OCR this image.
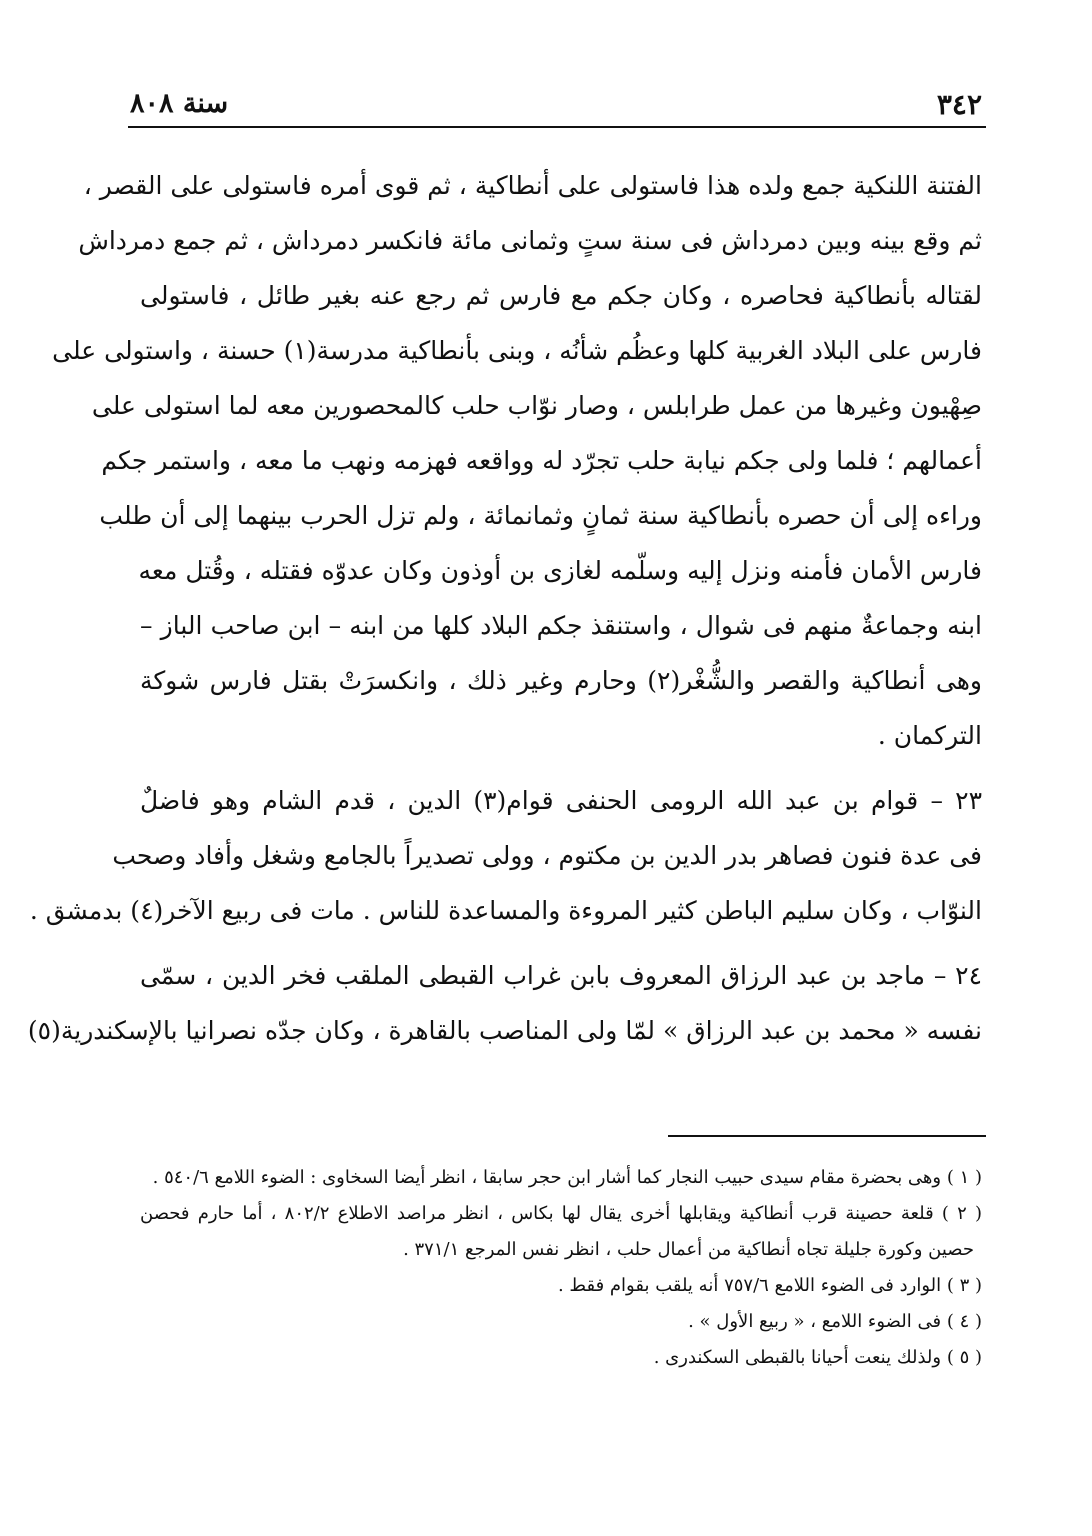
٣٤٢
سنة ٨٠٨
الفتنة اللنكية جمع ولده هذا فاستولى على أنطاكية ، ثم قوى أمره فاستولى على القصر ،
ثم وقع بينه وبين دمرداش فى سنة ستٍ وثمانى مائة فانكسر دمرداش ، ثم جمع دمرداش
لقتاله بأنطاكية فحاصره ، وكان جكم مع فارس ثم رجع عنه بغير طائل ، فاستولى
فارس على البلاد الغربية كلها وعظُم شأنُه ، وبنى بأنطاكية مدرسة(١) حسنة ، واستولى على
صِهْيون وغيرها من عمل طرابلس ، وصار نوّاب حلب كالمحصورين معه لما استولى على
أعمالهم ؛ فلما ولى جكم نيابة حلب تجرّد له وواقعه فهزمه ونهب ما معه ، واستمر جكم
وراءه إلى أن حصره بأنطاكية سنة ثمانٍ وثمانمائة ، ولم تزل الحرب بينهما إلى أن طلب
فارس الأمان فأمنه ونزل إليه وسلّمه لغازى بن أوذون وكان عدوّه فقتله ، وقُتل معه
ابنه وجماعةٌ منهم فى شوال ، واستنقذ جكم البلاد كلها من ابنه – ابن صاحب الباز –
وهى أنطاكية والقصر والشُّغْر(٢) وحارم وغير ذلك ، وانكسرَتْ بقتل فارس شوكة
التركمان .
٢٣ – قوام بن عبد الله الرومى الحنفى قوام(٣) الدين ، قدم الشام وهو فاضلٌ
فى عدة فنون فصاهر بدر الدين بن مكتوم ، وولى تصديراً بالجامع وشغل وأفاد وصحب
النوّاب ، وكان سليم الباطن كثير المروءة والمساعدة للناس . مات فى ربيع الآخر(٤) بدمشق .
٢٤ – ماجد بن عبد الرزاق المعروف بابن غراب القبطى الملقب فخر الدين ، سمّى
نفسه « محمد بن عبد الرزاق » لمّا ولى المناصب بالقاهرة ، وكان جدّه نصرانيا بالإسكندرية(٥)
( ١ ) وهى بحضرة مقام سيدى حبيب النجار كما أشار ابن حجر سابقا ، انظر أيضا السخاوى : الضوء اللامع ٥٤٠/٦ .
( ٢ ) قلعة حصينة قرب أنطاكية ويقابلها أخرى يقال لها بكاس ، انظر مراصد الاطلاع ٨٠٢/٢ ، أما حارم فحصن
حصين وكورة جليلة تجاه أنطاكية من أعمال حلب ، انظر نفس المرجع ٣٧١/١ .
( ٣ ) الوارد فى الضوء اللامع ٧٥٧/٦ أنه يلقب بقوام فقط .
( ٤ ) فى الضوء اللامع ، « ربيع الأول » .
( ٥ ) ولذلك ينعت أحيانا بالقبطى السكندرى .
